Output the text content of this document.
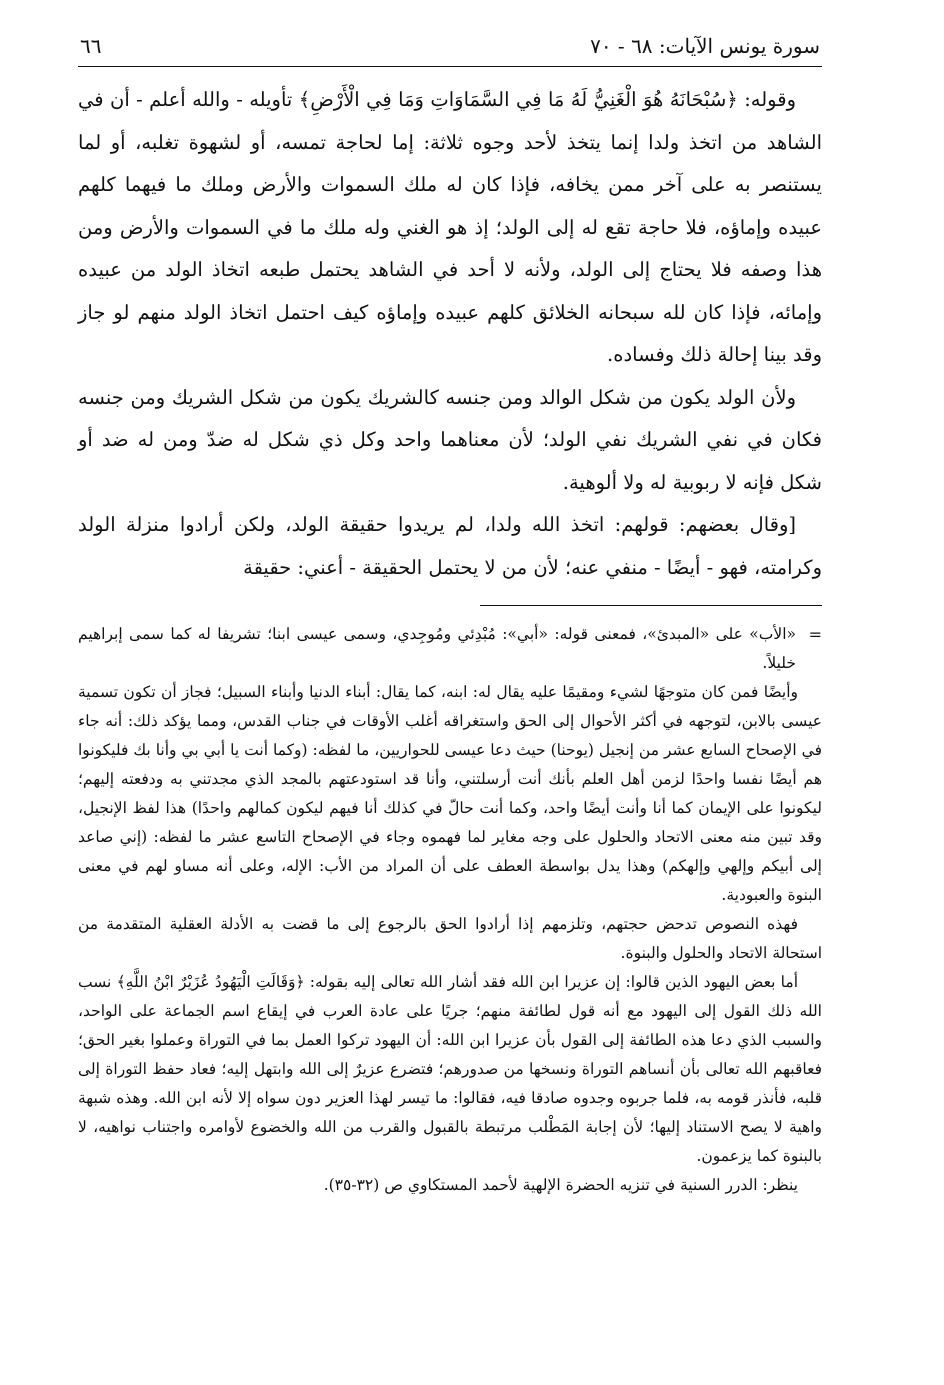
سورة يونس الآيات: ٦٨ - ٧٠
٦٦

وقوله: ﴿سُبْحَانَهُ هُوَ الْغَنِيُّ لَهُ مَا فِي السَّمَاوَاتِ وَمَا فِي الْأَرْضِ﴾ تأويله - والله أعلم - أن في الشاهد من اتخذ ولدا إنما يتخذ لأحد وجوه ثلاثة: إما لحاجة تمسه، أو لشهوة تغلبه، أو لما يستنصر به على آخر ممن يخافه، فإذا كان له ملك السموات والأرض وملك ما فيهما كلهم عبيده وإماؤه، فلا حاجة تقع له إلى الولد؛ إذ هو الغني وله ملك ما في السموات والأرض ومن هذا وصفه فلا يحتاج إلى الولد، ولأنه لا أحد في الشاهد يحتمل طبعه اتخاذ الولد من عبيده وإمائه، فإذا كان لله سبحانه الخلائق كلهم عبيده وإماؤه كيف احتمل اتخاذ الولد منهم لو جاز وقد بينا إحالة ذلك وفساده.

ولأن الولد يكون من شكل الوالد ومن جنسه كالشريك يكون من شكل الشريك ومن جنسه فكان في نفي الشريك نفي الولد؛ لأن معناهما واحد وكل ذي شكل له ضدّ ومن له ضد أو شكل فإنه لا ربوبية له ولا ألوهية.

[وقال بعضهم: قولهم: اتخذ الله ولدا، لم يريدوا حقيقة الولد، ولكن أرادوا منزلة الولد وكرامته، فهو - أيضًا - منفي عنه؛ لأن من لا يحتمل الحقيقة - أعني: حقيقة

=

«الأب» على «المبدئ»، فمعنى قوله: «أبي»: مُبْدِئي ومُوجِدي، وسمى عيسى ابنا؛ تشريفا له كما سمى إبراهيم خليلاً.

وأيضًا فمن كان متوجهًا لشيء ومقيمًا عليه يقال له: ابنه، كما يقال: أبناء الدنيا وأبناء السبيل؛ فجاز أن تكون تسمية عيسى بالابن، لتوجهه في أكثر الأحوال إلى الحق واستغراقه أغلب الأوقات في جناب القدس، ومما يؤكد ذلك: أنه جاء في الإصحاح السابع عشر من إنجيل (يوحنا) حيث دعا عيسى للحواريين، ما لفظه: (وكما أنت يا أبي بي وأنا بك فليكونوا هم أيضًا نفسا واحدًا لزمن أهل العلم بأنك أنت أرسلتني، وأنا قد استودعتهم بالمجد الذي مجدتني به ودفعته إليهم؛ ليكونوا على الإيمان كما أنا وأنت أيضًا واحد، وكما أنت حالّ في كذلك أنا فيهم ليكون كمالهم واحدًا) هذا لفظ الإنجيل، وقد تبين منه معنى الاتحاد والحلول على وجه مغاير لما فهموه وجاء في الإصحاح التاسع عشر ما لفظه: (إني صاعد إلى أبيكم وإلهي وإلهكم) وهذا يدل بواسطة العطف على أن المراد من الأب: الإله، وعلى أنه مساو لهم في معنى البنوة والعبودية.

فهذه النصوص تدحض حجتهم، وتلزمهم إذا أرادوا الحق بالرجوع إلى ما قضت به الأدلة العقلية المتقدمة من استحالة الاتحاد والحلول والبنوة.

أما بعض اليهود الذين قالوا: إن عزيرا ابن الله فقد أشار الله تعالى إليه بقوله: ﴿وَقَالَتِ الْيَهُودُ عُزَيْرٌ ابْنُ اللَّهِ﴾ نسب الله ذلك القول إلى اليهود مع أنه قول لطائفة منهم؛ جريًا على عادة العرب في إيقاع اسم الجماعة على الواحد، والسبب الذي دعا هذه الطائفة إلى القول بأن عزيرا ابن الله: أن اليهود تركوا العمل بما في التوراة وعملوا بغير الحق؛ فعاقبهم الله تعالى بأن أنساهم التوراة ونسخها من صدورهم؛ فتضرع عزيرٌ إلى الله وابتهل إليه؛ فعاد حفظ التوراة إلى قلبه، فأنذر قومه به، فلما جربوه وجدوه صادقا فيه، فقالوا: ما تيسر لهذا العزير دون سواه إلا لأنه ابن الله. وهذه شبهة واهية لا يصح الاستناد إليها؛ لأن إجابة المَطْلب مرتبطة بالقبول والقرب من الله والخضوع لأوامره واجتناب نواهيه، لا بالبنوة كما يزعمون.

ينظر: الدرر السنية في تنزيه الحضرة الإلهية لأحمد المستكاوي ص (٣٢-٣٥).
